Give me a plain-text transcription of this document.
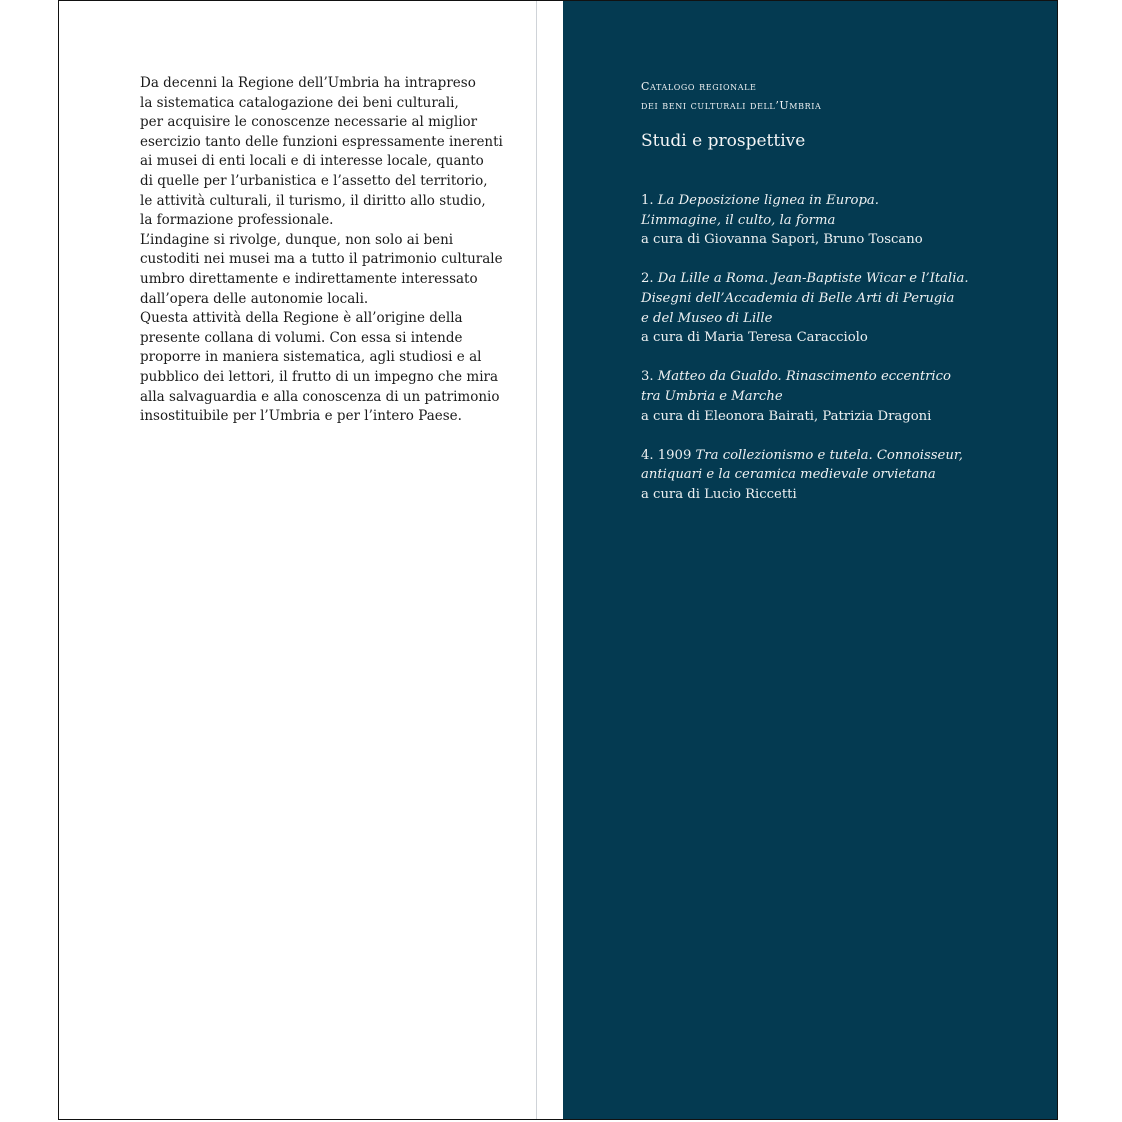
Da decenni la Regione dell’Umbria ha intrapreso
la sistematica catalogazione dei beni culturali,
per acquisire le conoscenze necessarie al miglior
esercizio tanto delle funzioni espressamente inerenti
ai musei di enti locali e di interesse locale, quanto
di quelle per l’urbanistica e l’assetto del territorio,
le attività culturali, il turismo, il diritto allo studio,
la formazione professionale.
L’indagine si rivolge, dunque, non solo ai beni
custoditi nei musei ma a tutto il patrimonio culturale
umbro direttamente e indirettamente interessato
dall’opera delle autonomie locali.
Questa attività della Regione è all’origine della
presente collana di volumi. Con essa si intende
proporre in maniera sistematica, agli studiosi e al
pubblico dei lettori, il frutto di un impegno che mira
alla salvaguardia e alla conoscenza di un patrimonio
insostituibile per l’Umbria e per l’intero Paese.
Catalogo regionale
dei beni culturali dell’Umbria
Studi e prospettive
1. La Deposizione lignea in Europa.
L’immagine, il culto, la forma
a cura di Giovanna Sapori, Bruno Toscano
2. Da Lille a Roma. Jean-Baptiste Wicar e l’Italia.
Disegni dell’Accademia di Belle Arti di Perugia
e del Museo di Lille
a cura di Maria Teresa Caracciolo
3. Matteo da Gualdo. Rinascimento eccentrico
tra Umbria e Marche
a cura di Eleonora Bairati, Patrizia Dragoni
4. 1909 Tra collezionismo e tutela. Connoisseur,
antiquari e la ceramica medievale orvietana
a cura di Lucio Riccetti
